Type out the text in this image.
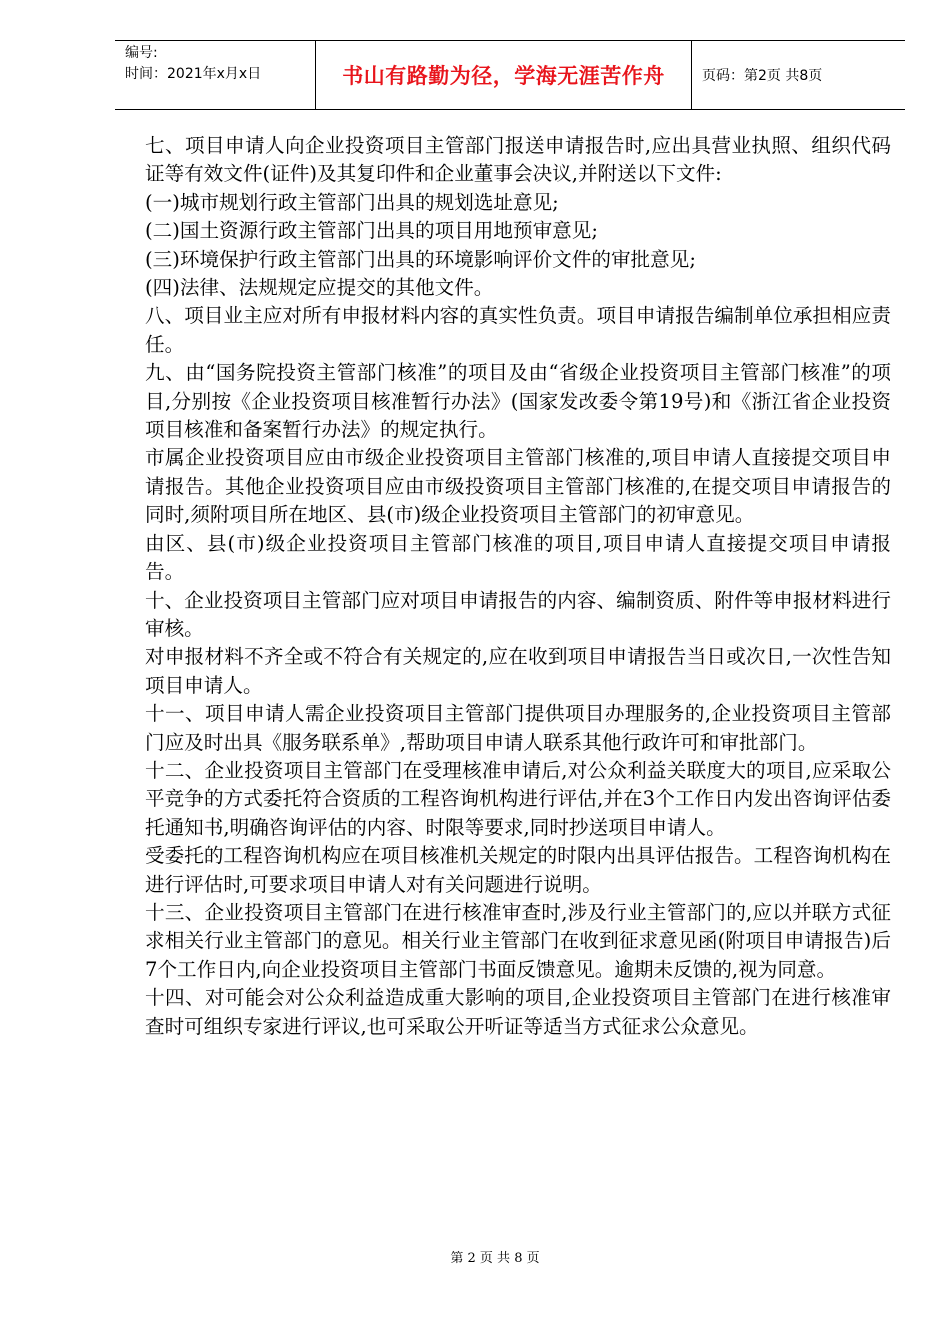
编号:
时间：2021年x月x日	书山有路勤为径，学海无涯苦作舟	页码：第2页 共8页

七、项目申请人向企业投资项目主管部门报送申请报告时,应出具营业执照、组织代码证等有效文件(证件)及其复印件和企业董事会决议,并附送以下文件:

(一)城市规划行政主管部门出具的规划选址意见;

(二)国土资源行政主管部门出具的项目用地预审意见;

(三)环境保护行政主管部门出具的环境影响评价文件的审批意见;

(四)法律、法规规定应提交的其他文件。

八、项目业主应对所有申报材料内容的真实性负责。项目申请报告编制单位承担相应责任。

九、由“国务院投资主管部门核准”的项目及由“省级企业投资项目主管部门核准”的项目,分别按《企业投资项目核准暂行办法》(国家发改委令第19号)和《浙江省企业投资项目核准和备案暂行办法》的规定执行。

市属企业投资项目应由市级企业投资项目主管部门核准的,项目申请人直接提交项目申请报告。其他企业投资项目应由市级投资项目主管部门核准的,在提交项目申请报告的同时,须附项目所在地区、县(市)级企业投资项目主管部门的初审意见。

由区、县(市)级企业投资项目主管部门核准的项目,项目申请人直接提交项目申请报告。

十、企业投资项目主管部门应对项目申请报告的内容、编制资质、附件等申报材料进行审核。

对申报材料不齐全或不符合有关规定的,应在收到项目申请报告当日或次日,一次性告知项目申请人。

十一、项目申请人需企业投资项目主管部门提供项目办理服务的,企业投资项目主管部门应及时出具《服务联系单》,帮助项目申请人联系其他行政许可和审批部门。

十二、企业投资项目主管部门在受理核准申请后,对公众利益关联度大的项目,应采取公平竞争的方式委托符合资质的工程咨询机构进行评估,并在3个工作日内发出咨询评估委托通知书,明确咨询评估的内容、时限等要求,同时抄送项目申请人。

受委托的工程咨询机构应在项目核准机关规定的时限内出具评估报告。工程咨询机构在进行评估时,可要求项目申请人对有关问题进行说明。

十三、企业投资项目主管部门在进行核准审查时,涉及行业主管部门的,应以并联方式征求相关行业主管部门的意见。相关行业主管部门在收到征求意见函(附项目申请报告)后7个工作日内,向企业投资项目主管部门书面反馈意见。逾期未反馈的,视为同意。

十四、对可能会对公众利益造成重大影响的项目,企业投资项目主管部门在进行核准审查时可组织专家进行评议,也可采取公开听证等适当方式征求公众意见。

第 2 页 共 8 页
